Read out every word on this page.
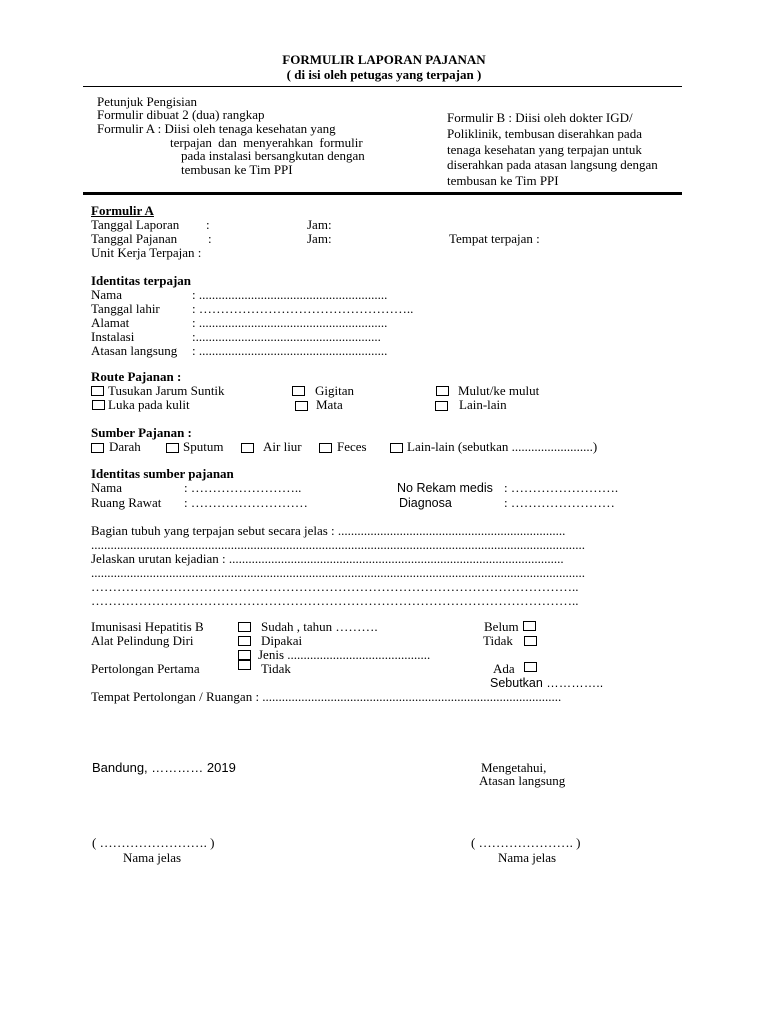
FORMULIR LAPORAN PAJANAN
( di isi oleh petugas yang terpajan )
Petunjuk Pengisian
Formulir dibuat 2 (dua) rangkap
Formulir A : Diisi oleh tenaga kesehatan yang
terpajan dan menyerahkan formulir
pada instalasi bersangkutan dengan
tembusan ke Tim PPI
Formulir B : Diisi oleh dokter IGD/
Poliklinik, tembusan diserahkan pada
tenaga kesehatan yang terpajan untuk
diserahkan pada atasan langsung dengan
tembusan ke Tim PPI
Formulir A
Tanggal Laporan :	Jam:
Tanggal Pajanan :	Jam:	Tempat terpajan :
Unit Kerja Terpajan :
Identitas terpajan
Nama	: ..........................................................
Tanggal lahir : …………………………………………..
Alamat	: ..........................................................
Instalasi	:.........................................................
Atasan langsung : ..........................................................
Route Pajanan :
Tusukan Jarum Suntik	Gigitan	Mulut/ke mulut
Luka pada kulit	Mata	Lain-lain
Sumber Pajanan :
Darah	Sputum	Air liur	Feces	Lain-lain (sebutkan .........................)
Identitas sumber pajanan
Nama	: ……………………..	No Rekam medis : …………………….
Ruang Rawat : ………………………	Diagnosa	: ……………………
Bagian tubuh yang terpajan sebut secara jelas : ......................................................................
........................................................................................................................................................
Jelaskan urutan kejadian : .......................................................................................................
........................................................................................................................................................
…………………………………………………………………………………………………..
…………………………………………………………………………………………………..
Imunisasi Hepatitis B	Sudah , tahun ……….	Belum
Alat Pelindung Diri	Dipakai	Tidak
Jenis ............................................
Pertolongan Pertama	Tidak	Ada
Sebutkan …………..
Tempat Pertolongan / Ruangan : ............................................................................................
Bandung, ………… 2019	Mengetahui,
Atasan langsung
( ……………………. )	( …………………. )
Nama jelas	Nama jelas
